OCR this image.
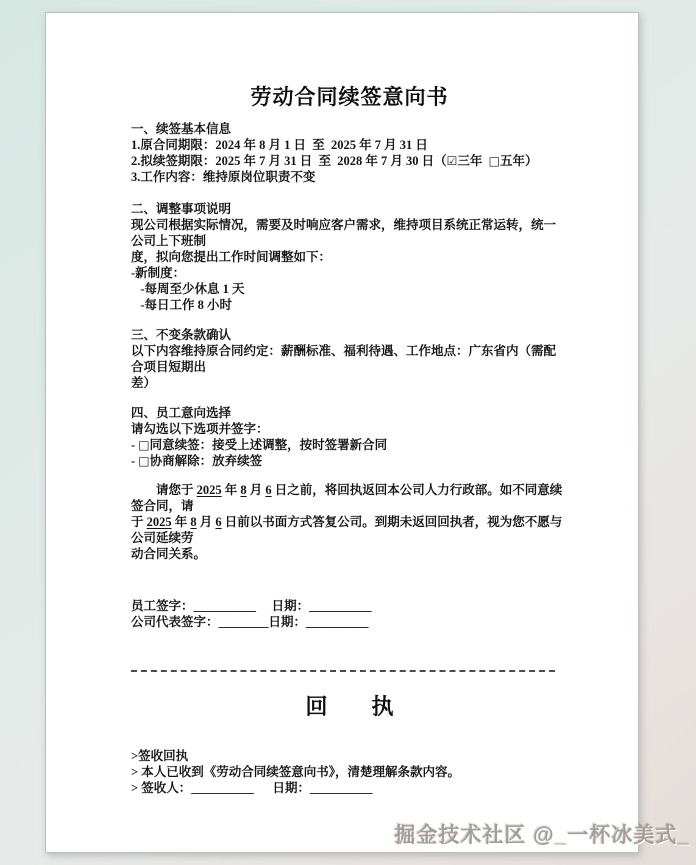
劳动合同续签意向书
一、续签基本信息
1.原合同期限：2024 年 8 月 1 日  至  2025 年 7 月 31 日
2.拟续签期限：2025 年 7 月 31 日  至  2028 年 7 月 30 日（☑三年  □五年）
3.工作内容：维持原岗位职责不变
二、调整事项说明
现公司根据实际情况，需要及时响应客户需求，维持项目系统正常运转，统一公司上下班制
度，拟向您提出工作时间调整如下：
-新制度：
-每周至少休息 1 天
-每日工作 8 小时
三、不变条款确认
以下内容维持原合同约定：薪酬标准、福利待遇、工作地点：广东省内（需配合项目短期出
差）
四、员工意向选择
请勾选以下选项并签字：
- □同意续签：接受上述调整，按时签署新合同
- □协商解除：放弃续签
　　请您于 2025 年 8 月 6 日之前，将回执返回本公司人力行政部。如不同意续签合同，请
于 2025 年 8 月 6 日前以书面方式答复公司。到期未返回回执者，视为您不愿与公司延续劳
动合同关系。
员工签字：__________ 　日期：__________
公司代表签字：________日期：__________
回　　执
>签收回执
> 本人已收到《劳动合同续签意向书》，清楚理解条款内容。
> 签收人：__________ 　 日期：__________
掘金技术社区 @_一杯冰美式_
